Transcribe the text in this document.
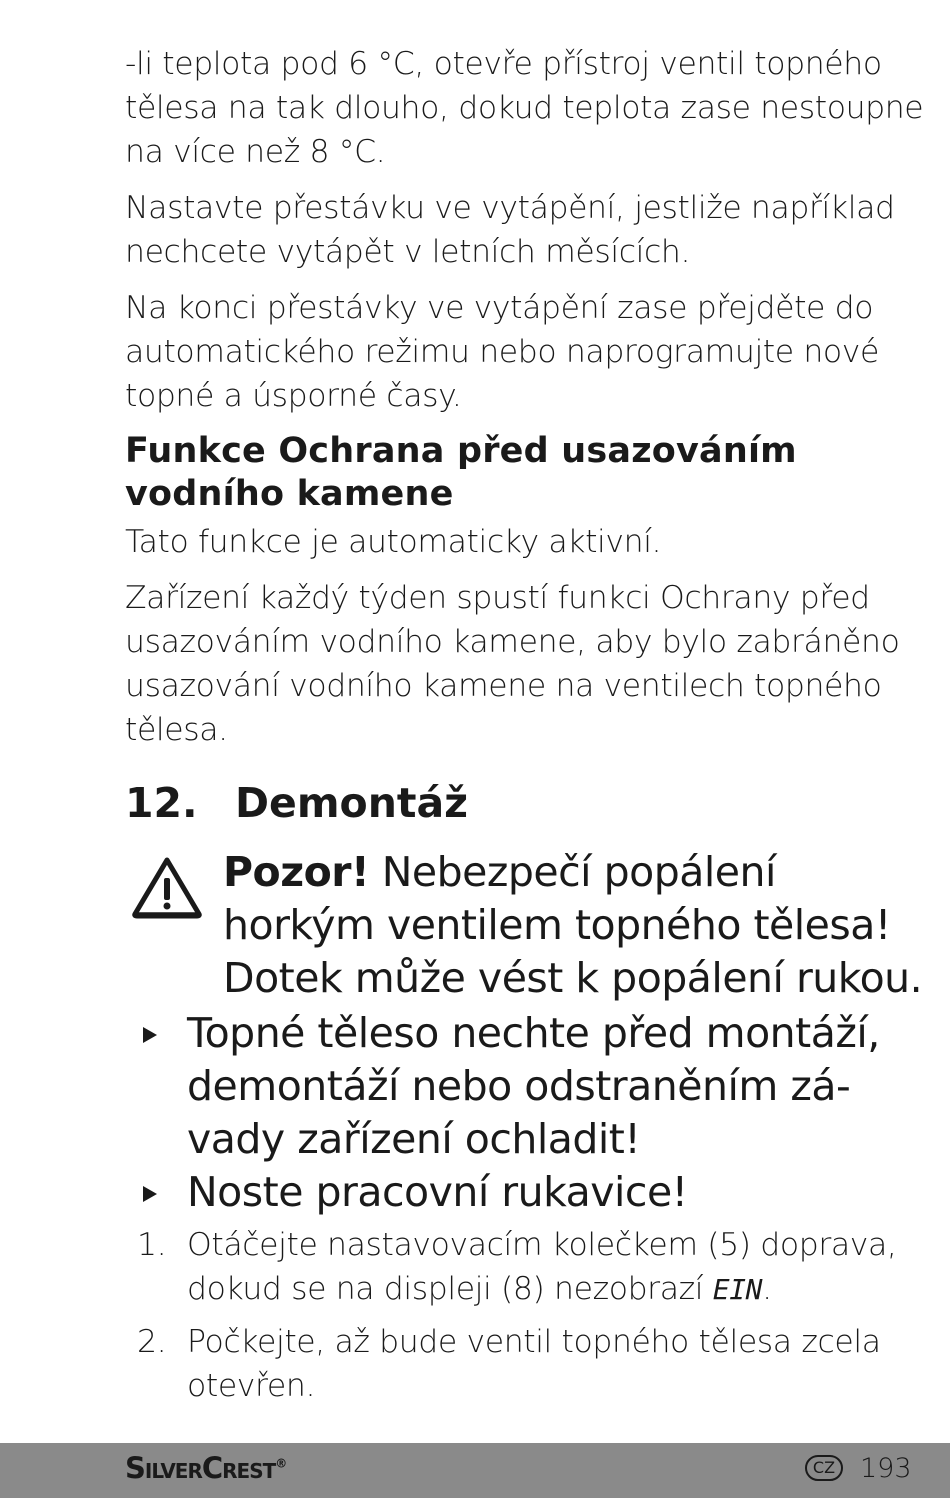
-li teplota pod 6 °C, otevře přístroj ventil topného tělesa na tak dlouho, dokud teplota zase nestoupne na více než 8 °C.

Nastavte přestávku ve vytápění, jestliže například nechcete vytápět v letních měsících.

Na konci přestávky ve vytápění zase přejděte do automatického režimu nebo naprogramujte nové topné a úsporné časy.

Funkce Ochrana před usazováním vodního kamene

Tato funkce je automaticky aktivní.

Zařízení každý týden spustí funkci Ochrany před usazováním vodního kamene, aby bylo zabráněno usazování vodního kamene na ventilech topného tělesa.

12. Demontáž
Pozor! Nebezpečí popálení horkým ventilem topného tělesa! Dotek může vést k popálení rukou.
Topné těleso nechte před montáží, demontáží nebo odstraněním závady zařízení ochladit!
Noste pracovní rukavice!
1. Otáčejte nastavovacím kolečkem (5) doprava, dokud se na displeji (8) nezobrazí EIN.
2. Počkejte, až bude ventil topného tělesa zcela otevřen.
SilverCrest®	CZ 193
